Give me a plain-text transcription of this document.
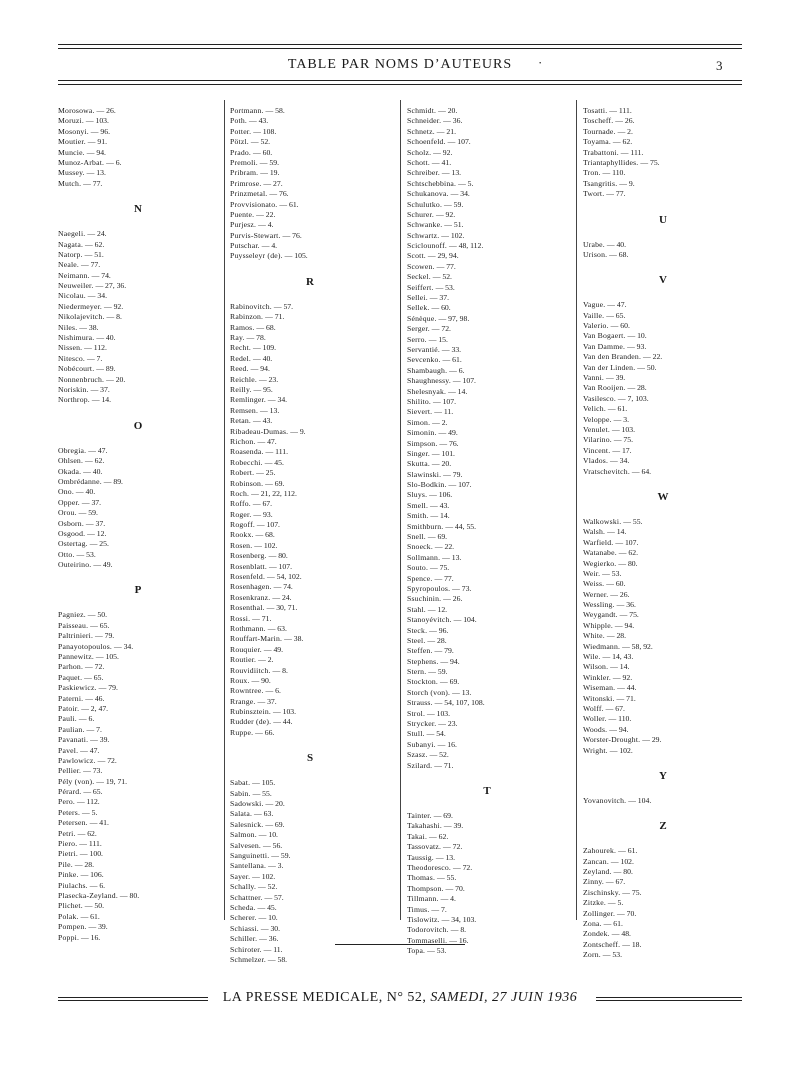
TABLE PAR NOMS D’AUTEURS	·	3
Morosowa. — 26.
Moruzi. — 103.
Mosonyi. — 96.
Moutier. — 91.
Muncie. — 94.
Munoz-Arbat. — 6.
Mussey. — 13.
Mutch. — 77.
N
Naegeli. — 24.
Nagata. — 62.
Natorp. — 51.
Neale. — 77.
Neimann. — 74.
Neuweiler. — 27, 36.
Nicolau. — 34.
Niedermeyer. — 92.
Nikolajevitch. — 8.
Niles. — 38.
Nishimura. — 40.
Nissen. — 112.
Nitesco. — 7.
Nobécourt. — 89.
Nonnenbruch. — 20.
Noriskin. — 37.
Northrop. — 14.
O
Obregia. — 47.
Ohlsen. — 62.
Okada. — 40.
Ombrédanne. — 89.
Ono. — 40.
Opper. — 37.
Orou. — 59.
Osborn. — 37.
Osgood. — 12.
Ostertag. — 25.
Otto. — 53.
Outeirino. — 49.
P
Pagniez. — 50.
Paisseau. — 65.
Paltrinieri. — 79.
Panayotopoulos. — 34.
Pannewitz. — 105.
Parhon. — 72.
Paquet. — 65.
Paskiewicz. — 79.
Paterni. — 46.
Patoir. — 2, 47.
Pauli. — 6.
Paulian. — 7.
Pavanati. — 39.
Pavel. — 47.
Pawlowicz. — 72.
Pellier. — 73.
Pély (von). — 19, 71.
Pérard. — 65.
Pero. — 112.
Peters. — 5.
Petersen. — 41.
Petri. — 62.
Piero. — 111.
Pietri. — 100.
Pile. — 28.
Pinke. — 106.
Piulachs. — 6.
Plasecka-Zeyland. — 80.
Plichet. — 50.
Polak. — 61.
Pompen. — 39.
Poppi. — 16.
Portmann. — 58.
Poth. — 43.
Potter. — 108.
Pötzl. — 52.
Prado. — 60.
Premoli. — 59.
Pribram. — 19.
Primrose. — 27.
Prinzmetal. — 76.
Provvisionato. — 61.
Puente. — 22.
Purjesz. — 4.
Purvis-Stewart. — 76.
Putschar. — 4.
Puysseleyr (de). — 105.
R
Rabinovitch. — 57.
Rabinzon. — 71.
Ramos. — 68.
Ray. — 78.
Recht. — 109.
Redel. — 40.
Reed. — 94.
Reichle. — 23.
Reilly. — 95.
Remlinger. — 34.
Remsen. — 13.
Retan. — 43.
Ribadeau-Dumas. — 9.
Richon. — 47.
Roasenda. — 111.
Robecchi. — 45.
Robert. — 25.
Robinson. — 69.
Roch. — 21, 22, 112.
Roffo. — 67.
Roger. — 93.
Rogoff. — 107.
Rookx. — 68.
Rosen. — 102.
Rosenberg. — 80.
Rosenblatt. — 107.
Rosenfeld. — 54, 102.
Rosenhagen. — 74.
Rosenkranz. — 24.
Rosenthal. — 30, 71.
Rossi. — 71.
Rothmann. — 63.
Rouffart-Marin. — 38.
Rouquier. — 49.
Routier. — 2.
Rouvidiitch. — 8.
Roux. — 90.
Rowntree. — 6.
Rrange. — 37.
Rubinsztein. — 103.
Rudder (de). — 44.
Ruppe. — 66.
S
Sabat. — 105.
Sabin. — 55.
Sadowski. — 20.
Salata. — 63.
Salesnick. — 69.
Salmon. — 10.
Salvesen. — 56.
Sanguinetti. — 59.
Santellana. — 3.
Sayer. — 102.
Schally. — 52.
Schattner. — 57.
Scheda. — 45.
Scherer. — 10.
Schiassi. — 30.
Schiller. — 36.
Schiroter. — 11.
Schmelzer. — 58.
Schmidt. — 20.
Schneider. — 36.
Schnetz. — 21.
Schoenfeld. — 107.
Scholz. — 92.
Schott. — 41.
Schreiber. — 13.
Schtschebbina. — 5.
Schukanova. — 34.
Schulutko. — 59.
Schurer. — 92.
Schwanke. — 51.
Schwartz. — 102.
Sciclounoff. — 48, 112.
Scott. — 29, 94.
Scowen. — 77.
Seckel. — 52.
Seiffert. — 53.
Sellei. — 37.
Sellek. — 60.
Sénèque. — 97, 98.
Serger. — 72.
Serro. — 15.
Servantié. — 33.
Sevcenko. — 61.
Shambaugh. — 6.
Shaughnessy. — 107.
Shelesnyak. — 14.
Shilito. — 107.
Sievert. — 11.
Simon. — 2.
Simonin. — 49.
Simpson. — 76.
Singer. — 101.
Skutta. — 20.
Slawinski. — 79.
Slo-Bodkin. — 107.
Sluys. — 106.
Smell. — 43.
Smith. — 14.
Smithburn. — 44, 55.
Snell. — 69.
Snoeck. — 22.
Sollmann. — 13.
Souto. — 75.
Spence. — 77.
Spyropoulos. — 73.
Ssuchinin. — 26.
Stahl. — 12.
Stanoyévitch. — 104.
Steck. — 96.
Steel. — 28.
Steffen. — 79.
Stephens. — 94.
Stern. — 59.
Stockton. — 69.
Storch (von). — 13.
Strauss. — 54, 107, 108.
Strol. — 103.
Strycker. — 23.
Stull. — 54.
Subanyi. — 16.
Szasz. — 52.
Szilard. — 71.
T
Tainter. — 69.
Takahashi. — 39.
Takai. — 62.
Tassovatz. — 72.
Taussig. — 13.
Theodoresco. — 72.
Thomas. — 55.
Thompson. — 70.
Tillmann. — 4.
Timus. — 7.
Tislowitz. — 34, 103.
Todorovitch. — 8.
Tommaselli. — 16.
Topa. — 53.
Tosatti. — 111.
Toscheff. — 26.
Tournade. — 2.
Toyama. — 62.
Trabattoni. — 111.
Triantaphyllides. — 75.
Tron. — 110.
Tsangritis. — 9.
Twort. — 77.
U
Urabe. — 40.
Urison. — 68.
V
Vague. — 47.
Vaille. — 65.
Valerio. — 60.
Van Bogaert. — 10.
Van Damme. — 93.
Van den Branden. — 22.
Van der Linden. — 50.
Vanni. — 39.
Van Rooijen. — 28.
Vasilesco. — 7, 103.
Velich. — 61.
Veloppe. — 3.
Venulet. — 103.
Vilarino. — 75.
Vincent. — 17.
Vlados. — 34.
Vratschevitch. — 64.
W
Walkowski. — 55.
Walsh. — 14.
Warfield. — 107.
Watanabe. — 62.
Wegierko. — 80.
Weir. — 53.
Weiss. — 60.
Werner. — 26.
Wessling. — 36.
Weygandt. — 75.
Whipple. — 94.
White. — 28.
Wiedmann. — 58, 92.
Wile. — 14, 43.
Wilson. — 14.
Winkler. — 92.
Wiseman. — 44.
Witonski. — 71.
Wolff. — 67.
Woller. — 110.
Woods. — 94.
Worster-Drought. — 29.
Wright. — 102.
Y
Yovanovitch. — 104.
Z
Zahourek. — 61.
Zancan. — 102.
Zeyland. — 80.
Zinny. — 67.
Zischinsky. — 75.
Zitzke. — 5.
Zollinger. — 70.
Zona. — 61.
Zondek. — 48.
Zontscheff. — 18.
Zorn. — 53.
LA PRESSE MEDICALE, N° 52, SAMEDI, 27 JUIN 1936
